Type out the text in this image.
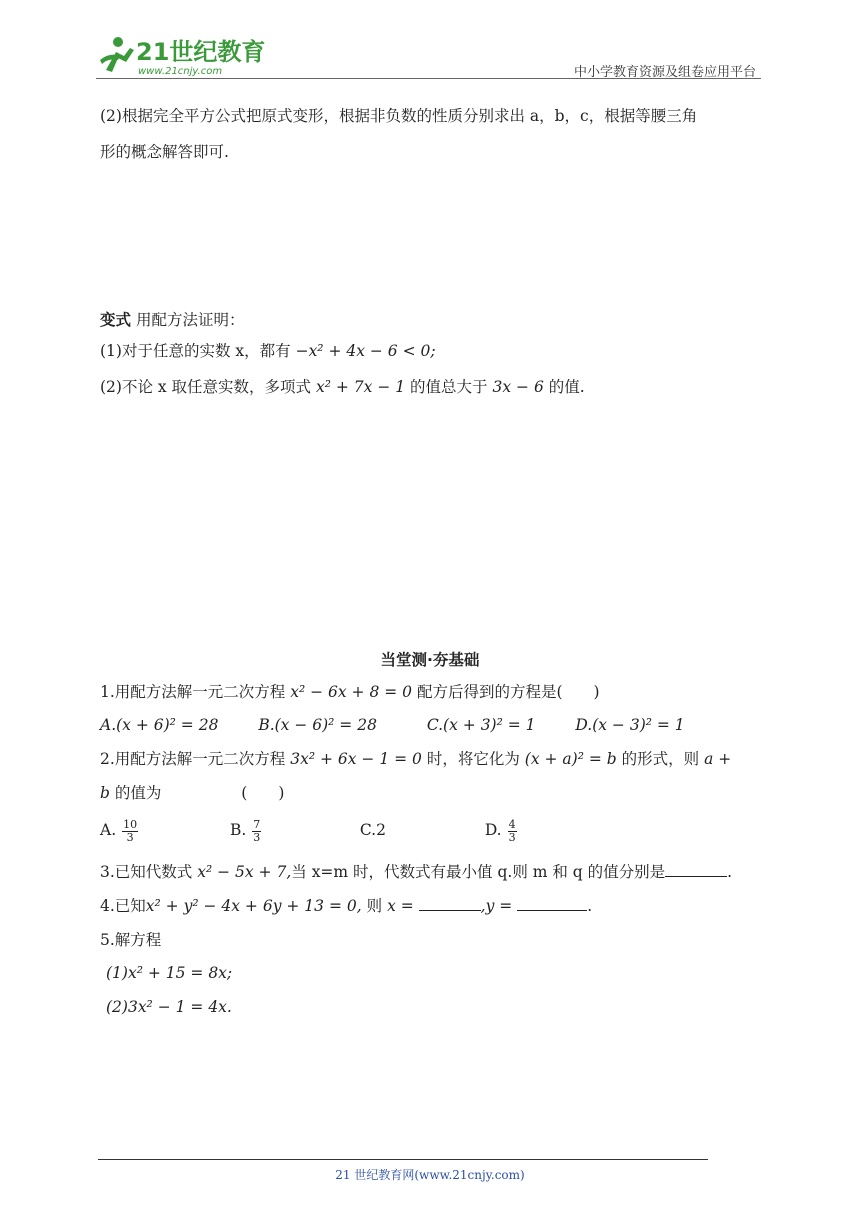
21世纪教育
www.21cnjy.com	中小学教育资源及组卷应用平台
(2)根据完全平方公式把原式变形，根据非负数的性质分别求出 a，b，c，根据等腰三角
形的概念解答即可.
变式 用配方法证明：
(1)对于任意的实数 x，都有 −x² + 4x − 6 < 0;
(2)不论 x 取任意实数，多项式 x² + 7x − 1 的值总大于 3x − 6 的值.
当堂测·夯基础
1.用配方法解一元二次方程 x² − 6x + 8 = 0 配方后得到的方程是(　　)
A.(x + 6)² = 28	B.(x − 6)² = 28	C.(x + 3)² = 1	D.(x − 3)² = 1
2.用配方法解一元二次方程 3x² + 6x − 1 = 0 时，将它化为 (x + a)² = b 的形式，则 a +
b 的值为	(　　)
A. $\frac{10}{3}$	B. $\frac{7}{3}$	C.2	D. $\frac{4}{3}$
3.已知代数式 x² − 5x + 7,当 x=m 时，代数式有最小值 q.则 m 和 q 的值分别是	.
4.已知x² + y² − 4x + 6y + 13 = 0, 则 x =	,y =	.
5.解方程
(1)x² + 15 = 8x;
(2)3x² − 1 = 4x.
21 世纪教育网(www.21cnjy.com)
